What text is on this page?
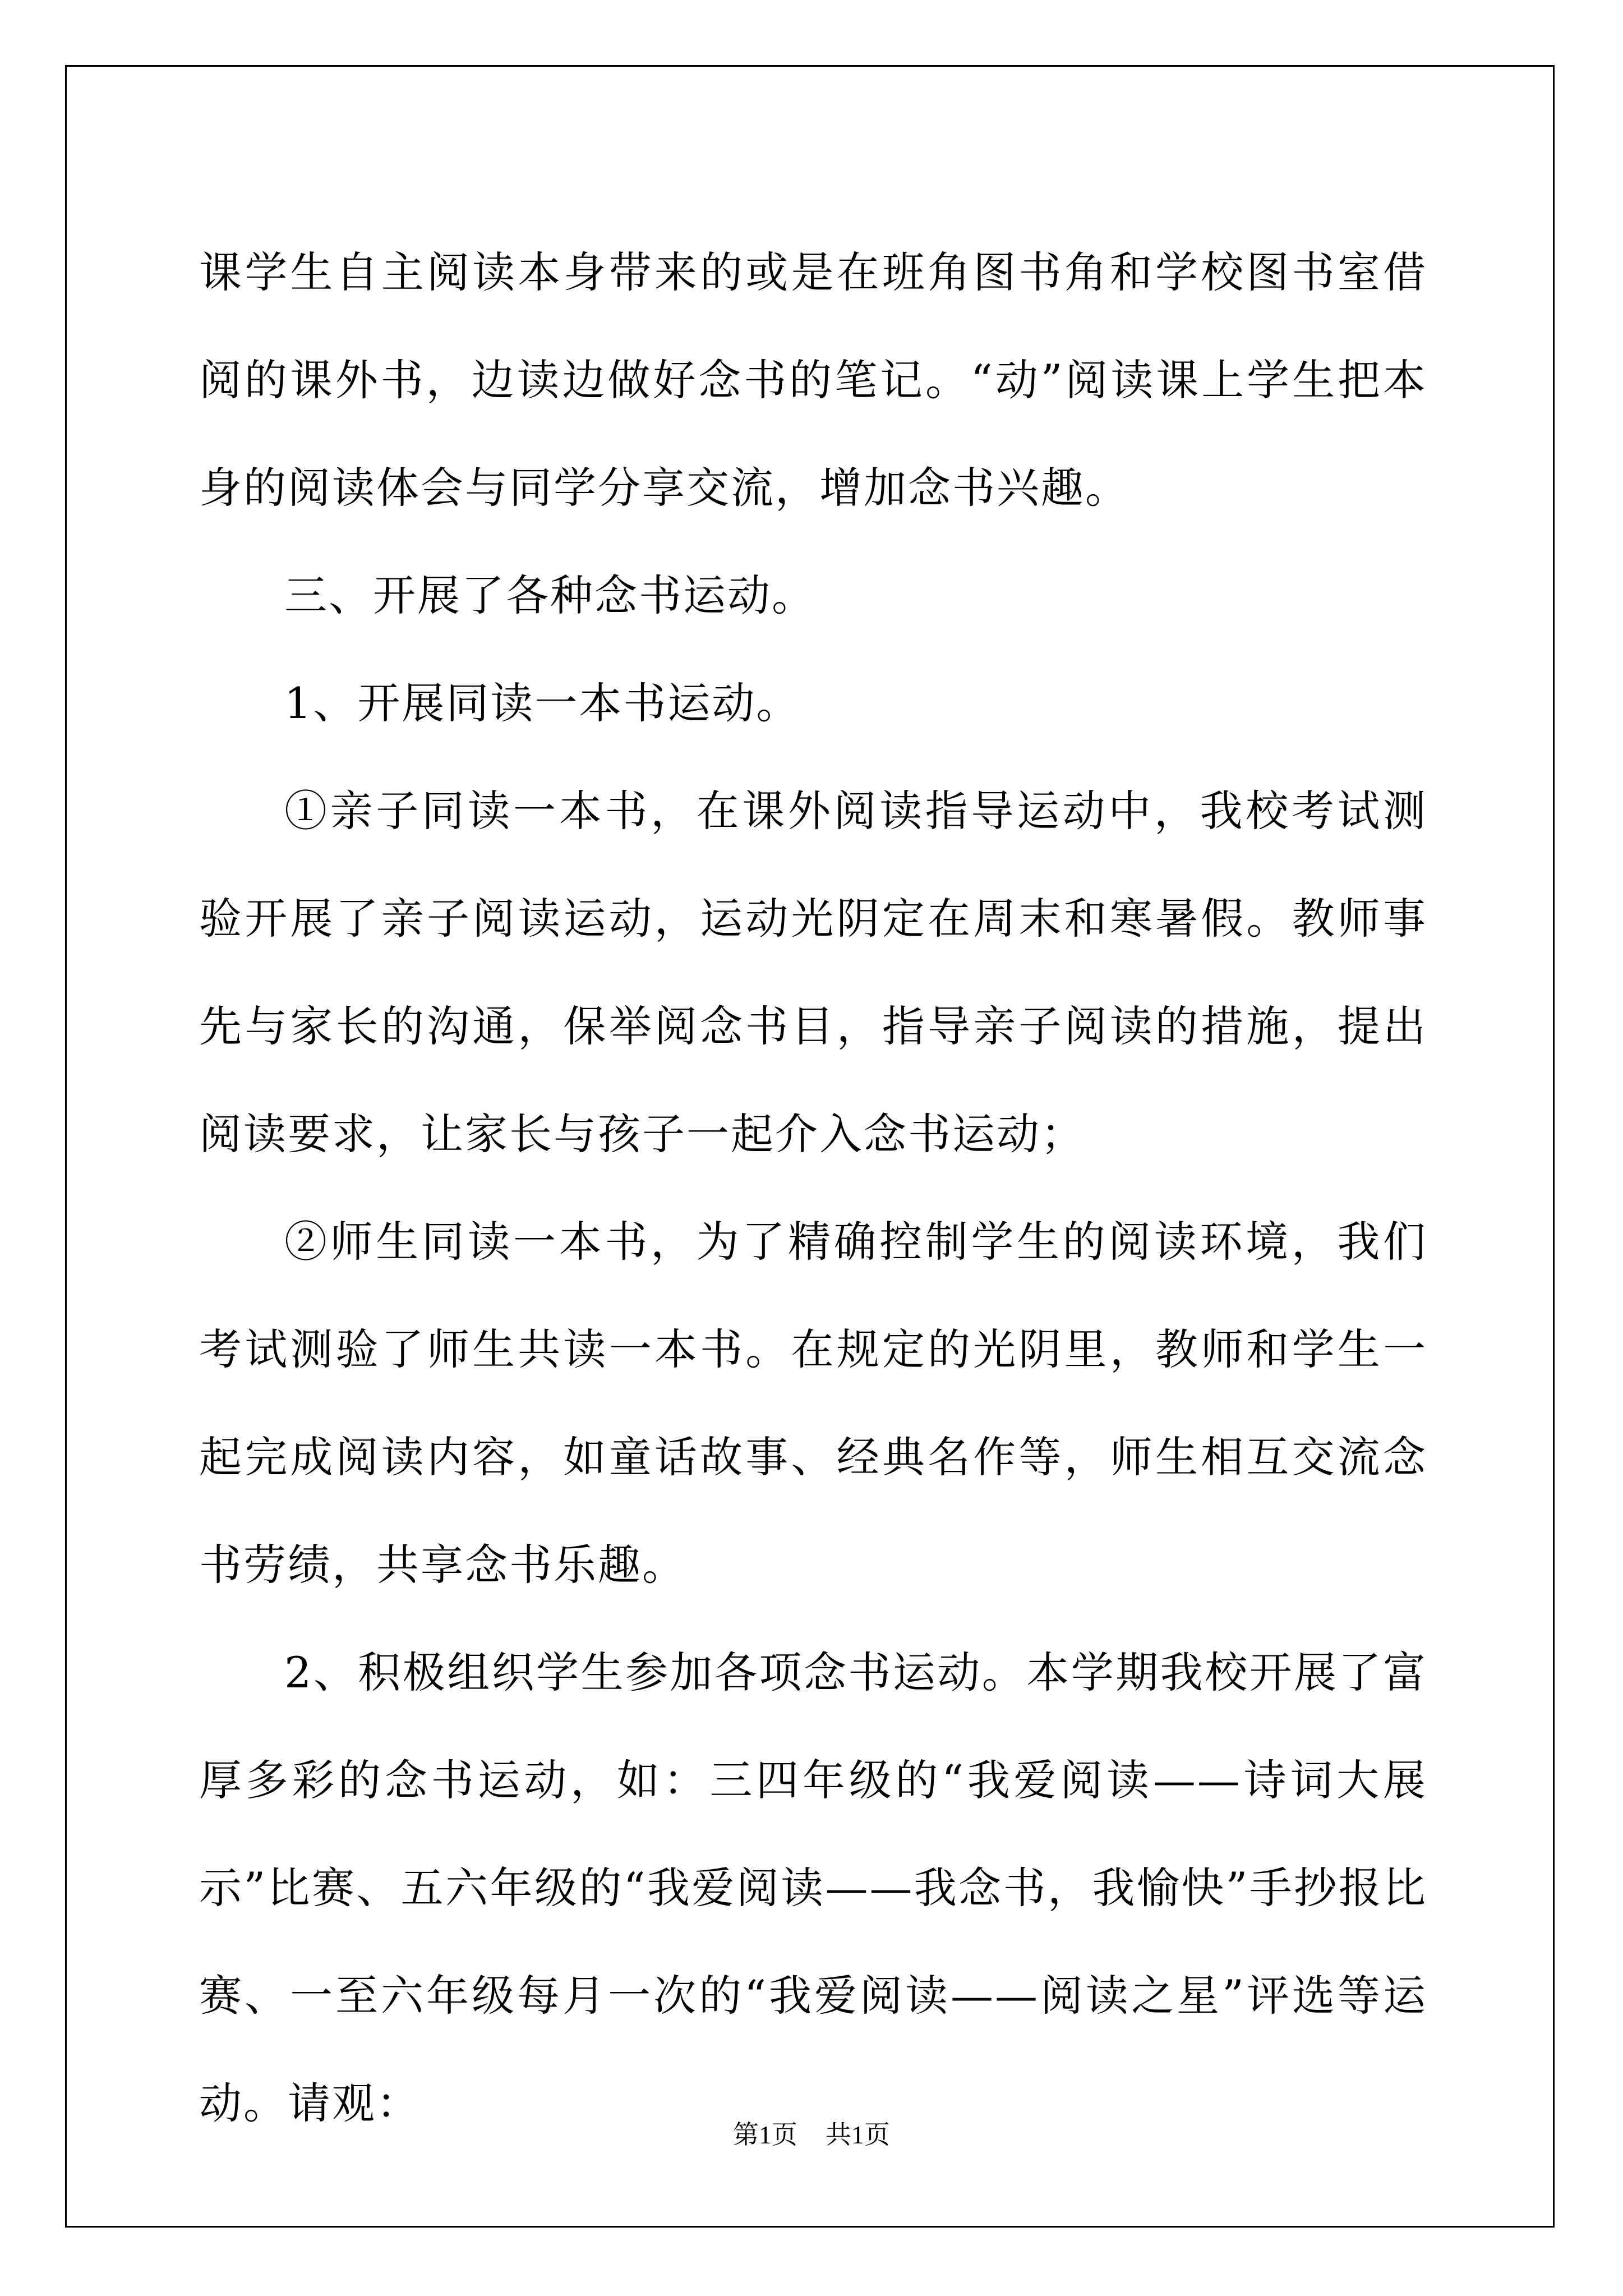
课学生自主阅读本身带来的或是在班角图书角和学校图书室借阅的课外书，边读边做好念书的笔记。“动”阅读课上学生把本身的阅读体会与同学分享交流，增加念书兴趣。

三、开展了各种念书运动。

1、开展同读一本书运动。

①亲子同读一本书，在课外阅读指导运动中，我校考试测验开展了亲子阅读运动，运动光阴定在周末和寒暑假。教师事先与家长的沟通，保举阅念书目，指导亲子阅读的措施，提出阅读要求，让家长与孩子一起介入念书运动；

②师生同读一本书，为了精确控制学生的阅读环境，我们考试测验了师生共读一本书。在规定的光阴里，教师和学生一起完成阅读内容，如童话故事、经典名作等，师生相互交流念书劳绩，共享念书乐趣。

2、积极组织学生参加各项念书运动。本学期我校开展了富厚多彩的念书运动，如：三四年级的“我爱阅读——诗词大展示”比赛、五六年级的“我爱阅读——我念书，我愉快”手抄报比赛、一至六年级每月一次的“我爱阅读——阅读之星”评选等运动。请观：

第1页 共1页
